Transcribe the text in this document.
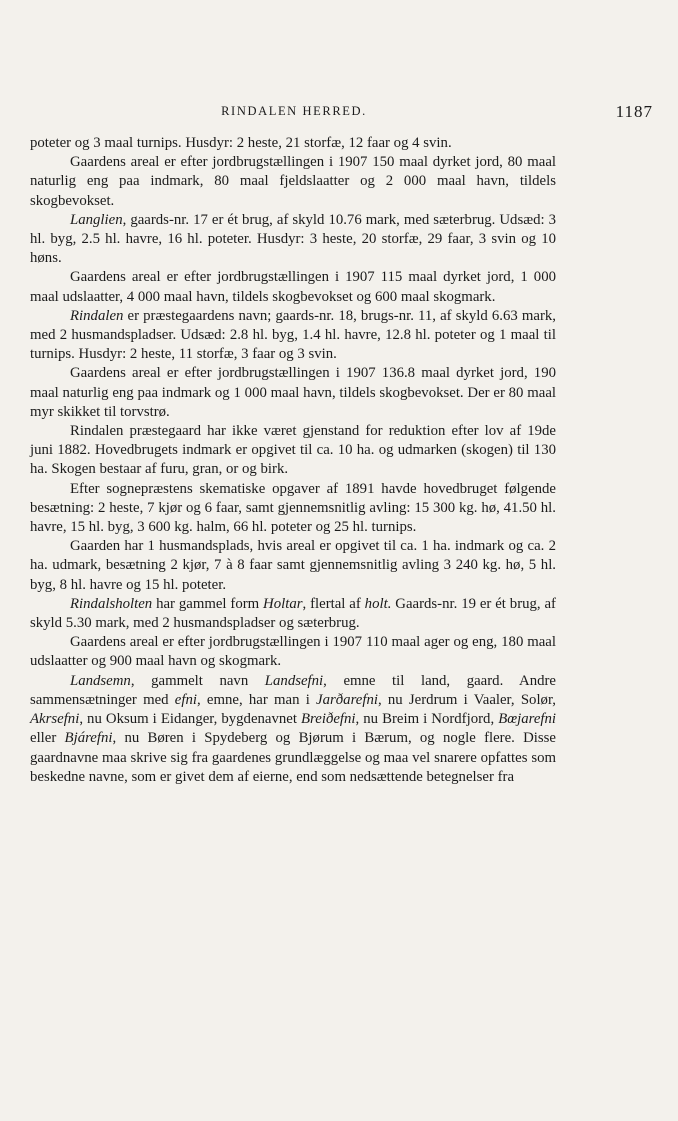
RINDALEN HERRED.	1187

poteter og 3 maal turnips. Husdyr: 2 heste, 21 storfæ, 12 faar og 4 svin.

Gaardens areal er efter jordbrugstællingen i 1907 150 maal dyrket jord, 80 maal naturlig eng paa indmark, 80 maal fjeldslaatter og 2 000 maal havn, tildels skogbevokset.

Langlien, gaards-nr. 17 er ét brug, af skyld 10.76 mark, med sæterbrug. Udsæd: 3 hl. byg, 2.5 hl. havre, 16 hl. poteter. Husdyr: 3 heste, 20 storfæ, 29 faar, 3 svin og 10 høns.

Gaardens areal er efter jordbrugstællingen i 1907 115 maal dyrket jord, 1 000 maal udslaatter, 4 000 maal havn, tildels skogbevokset og 600 maal skogmark.

Rindalen er præstegaardens navn; gaards-nr. 18, brugs-nr. 11, af skyld 6.63 mark, med 2 husmandspladser. Udsæd: 2.8 hl. byg, 1.4 hl. havre, 12.8 hl. poteter og 1 maal til turnips. Husdyr: 2 heste, 11 storfæ, 3 faar og 3 svin.

Gaardens areal er efter jordbrugstællingen i 1907 136.8 maal dyrket jord, 190 maal naturlig eng paa indmark og 1 000 maal havn, tildels skogbevokset. Der er 80 maal myr skikket til torvstrø.

Rindalen præstegaard har ikke været gjenstand for reduktion efter lov af 19de juni 1882. Hovedbrugets indmark er opgivet til ca. 10 ha. og udmarken (skogen) til 130 ha. Skogen bestaar af furu, gran, or og birk.

Efter sognepræstens skematiske opgaver af 1891 havde hovedbruget følgende besætning: 2 heste, 7 kjør og 6 faar, samt gjennemsnitlig avling: 15 300 kg. hø, 41.50 hl. havre, 15 hl. byg, 3 600 kg. halm, 66 hl. poteter og 25 hl. turnips.

Gaarden har 1 husmandsplads, hvis areal er opgivet til ca. 1 ha. indmark og ca. 2 ha. udmark, besætning 2 kjør, 7 à 8 faar samt gjennemsnitlig avling 3 240 kg. hø, 5 hl. byg, 8 hl. havre og 15 hl. poteter.

Rindalsholten har gammel form Holtar, flertal af holt. Gaards-nr. 19 er ét brug, af skyld 5.30 mark, med 2 husmandspladser og sæterbrug.

Gaardens areal er efter jordbrugstællingen i 1907 110 maal ager og eng, 180 maal udslaatter og 900 maal havn og skogmark.

Landsemn, gammelt navn Landsefni, emne til land, gaard. Andre sammensætninger med efni, emne, har man i Jarðarefni, nu Jerdrum i Vaaler, Solør, Akrsefni, nu Oksum i Eidanger, bygdenavnet Breiðefni, nu Breim i Nordfjord, Bœjarefni eller Bjárefni, nu Børen i Spydeberg og Bjørum i Bærum, og nogle flere. Disse gaardnavne maa skrive sig fra gaardenes grundlæggelse og maa vel snarere opfattes som beskedne navne, som er givet dem af eierne, end som nedsættende betegnelser fra
